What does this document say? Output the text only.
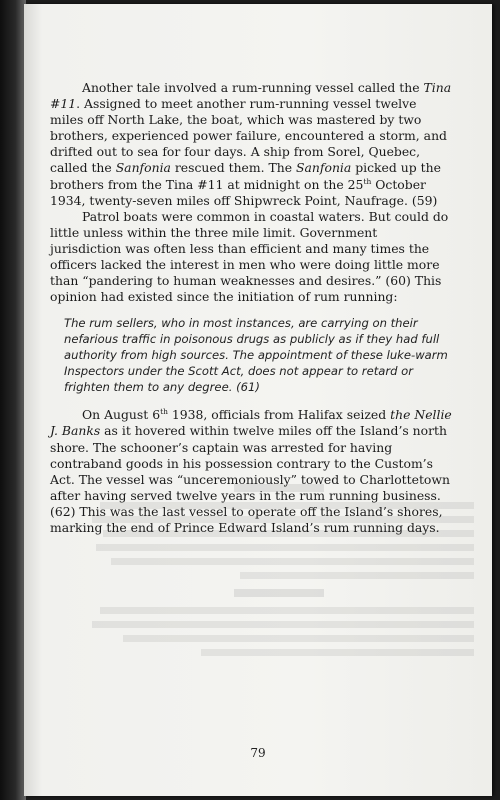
Another tale involved a rum-running vessel called the Tina #11. Assigned to meet another rum-running vessel twelve miles off North Lake, the boat, which was mastered by two brothers, experienced power failure, encountered a storm, and drifted out to sea for four days. A ship from Sorel, Quebec, called the Sanfonia rescued them. The Sanfonia picked up the brothers from the Tina #11 at midnight on the 25th October 1934, twenty-seven miles off Shipwreck Point, Naufrage. (59)

Patrol boats were common in coastal waters. But could do little unless within the three mile limit. Government jurisdiction was often less than efficient and many times the officers lacked the interest in men who were doing little more than “pandering to human weaknesses and desires.” (60) This opinion had existed since the initiation of rum running:

The rum sellers, who in most instances, are carrying on their nefarious traffic in poisonous drugs as publicly as if they had full authority from high sources. The appointment of these luke-warm Inspectors under the Scott Act, does not appear to retard or frighten them to any degree. (61)

On August 6th 1938, officials from Halifax seized the Nellie J. Banks as it hovered within twelve miles off the Island’s north shore. The schooner’s captain was arrested for having contraband goods in his possession contrary to the Custom’s Act. The vessel was “unceremoniously” towed to Charlottetown after having served twelve years in the rum running business. (62) This was the last vessel to operate off the Island’s shores, marking the end of Prince Edward Island’s rum running days.

79
